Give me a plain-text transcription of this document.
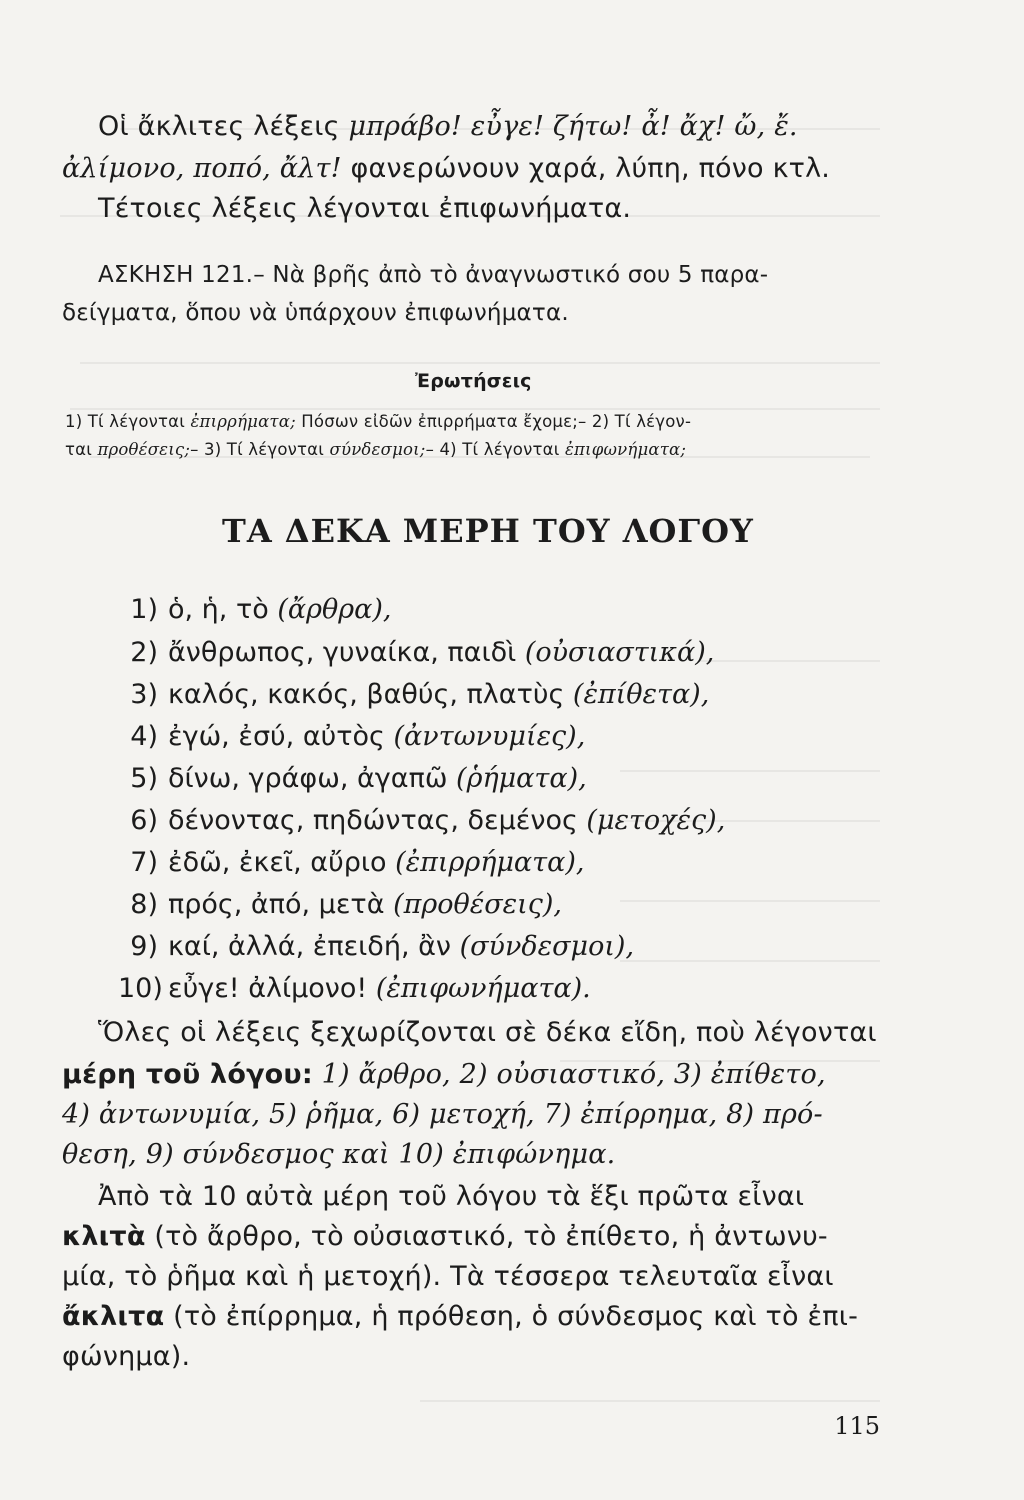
Οἱ ἄκλιτες λέξεις μπράβο! εὖγε! ζήτω! ἆ! ἄχ! ὤ, ἔ.
ἀλίμονο, ποπό, ἄλτ! φανερώνουν χαρά, λύπη, πόνο κτλ.
Τέτοιες λέξεις λέγονται ἐπιφωνήματα.
ΑΣΚΗΣΗ 121.– Νὰ βρῆς ἀπὸ τὸ ἀναγνωστικό σου 5 παρα-
δείγματα, ὅπου νὰ ὑπάρχουν ἐπιφωνήματα.
Ἐρωτήσεις
1) Τί λέγονται ἐπιρρήματα; Πόσων εἰδῶν ἐπιρρήματα ἔχομε;– 2) Τί λέγον-
ται προθέσεις;– 3) Τί λέγονται σύνδεσμοι;– 4) Τί λέγονται ἐπιφωνήματα;
ΤΑ ΔΕΚΑ ΜΕΡΗ ΤΟΥ ΛΟΓΟΥ
1) ὁ, ἡ, τὸ (ἄρθρα),
2) ἄνθρωπος, γυναίκα, παιδὶ (οὐσιαστικά),
3) καλός, κακός, βαθύς, πλατὺς (ἐπίθετα),
4) ἐγώ, ἐσύ, αὐτὸς (ἀντωνυμίες),
5) δίνω, γράφω, ἀγαπῶ (ῥήματα),
6) δένοντας, πηδώντας, δεμένος (μετοχές),
7) ἐδῶ, ἐκεῖ, αὔριο (ἐπιρρήματα),
8) πρός, ἀπό, μετὰ (προθέσεις),
9) καί, ἀλλά, ἐπειδή, ἂν (σύνδεσμοι),
10) εὖγε! ἀλίμονο! (ἐπιφωνήματα).
Ὅλες οἱ λέξεις ξεχωρίζονται σὲ δέκα εἴδη, ποὺ λέγονται
μέρη τοῦ λόγου: 1) ἄρθρο, 2) οὐσιαστικό, 3) ἐπίθετο,
4) ἀντωνυμία, 5) ῥῆμα, 6) μετοχή, 7) ἐπίρρημα, 8) πρό-
θεση, 9) σύνδεσμος καὶ 10) ἐπιφώνημα.
Ἀπὸ τὰ 10 αὐτὰ μέρη τοῦ λόγου τὰ ἕξι πρῶτα εἶναι
κλιτὰ (τὸ ἄρθρο, τὸ οὐσιαστικό, τὸ ἐπίθετο, ἡ ἀντωνυ-
μία, τὸ ῥῆμα καὶ ἡ μετοχή). Τὰ τέσσερα τελευταῖα εἶναι
ἄκλιτα (τὸ ἐπίρρημα, ἡ πρόθεση, ὁ σύνδεσμος καὶ τὸ ἐπι-
φώνημα).
115
